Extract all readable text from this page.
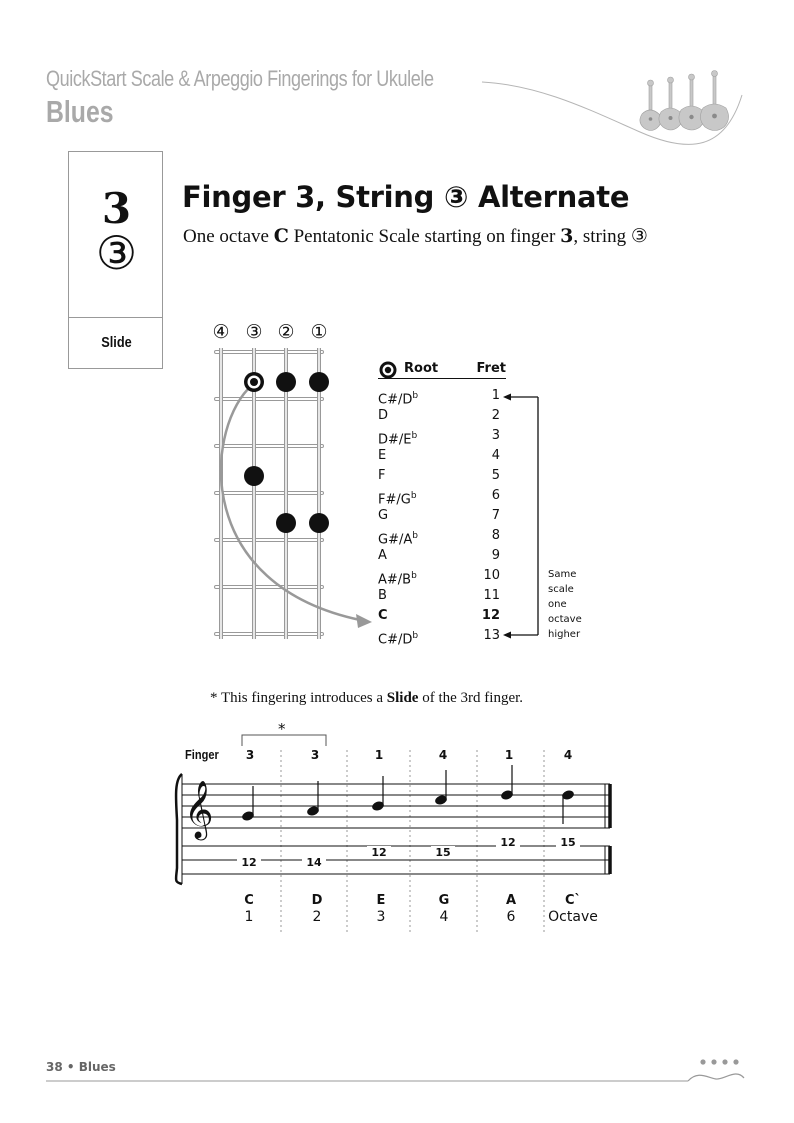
QuickStart Scale & Arpeggio Fingerings for Ukulele
Blues
3
③
Slide
Finger 3, String ③ Alternate
One octave C Pentatonic Scale starting on finger 3, string ③
④ ③ ② ①
Root	Fret
$C\#/D^b$	1
D	2
$D\#/E^b$	3
E	4
F	5
$F\#/G^b$	6
G	7
$G\#/A^b$	8
A	9
$A\#/B^b$	10
B	11
C	12
$C\#/D^b$	13
Same
scale
one
octave
higher
* This fingering introduces a Slide of the 3rd finger.
Finger
*
3	3	1	4	1	4
𝄞
12	14
12	15
12	15
C	D	E	G	A	C`
1	2	3	4	6	Octave
38 • Blues
